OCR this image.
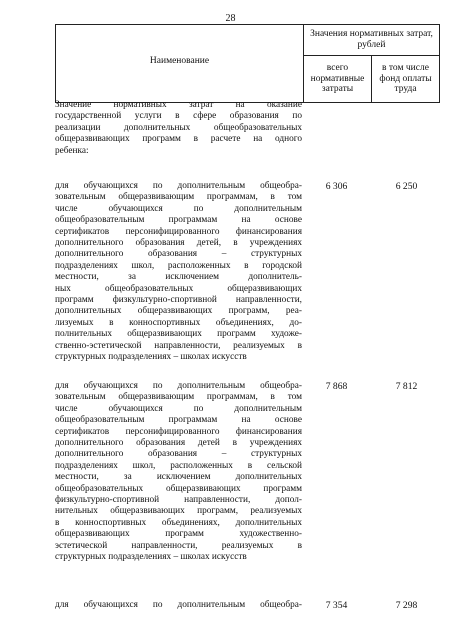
28
Наименование	Значения нормативных затрат, рублей	
	всего нормативные затраты	в том числе фонд оплаты труда
Значение нормативных затрат на оказание
государственной услуги в сфере образования по
реализации дополнительных общеобразовательных
общеразвивающих программ в расчете на одного
ребенка:
для обучающихся по дополнительным общеобра-
зовательным общеразвивающим программам, в том
числе обучающихся по дополнительным
общеобразовательным программам на основе
сертификатов персонифицированного финансирования
дополнительного образования детей, в учреждениях
дополнительного образования – структурных
подразделениях школ, расположенных в городской
местности, за исключением дополнитель-
ных общеобразовательных общеразвивающих
программ физкультурно-спортивной направленности,
дополнительных общеразвивающих программ, реа-
лизуемых в конноспортивных объединениях, до-
полнительных общеразвивающих программ художе-
ственно-эстетической направленности, реализуемых в
структурных подразделениях – школах искусств
6 306	6 250
для обучающихся по дополнительным общеобра-
зовательным общеразвивающим программам, в том
числе обучающихся по дополнительным
общеобразовательным программам на основе
сертификатов персонифицированного финансирования
дополнительного образования детей в учреждениях
дополнительного образования – структурных
подразделениях школ, расположенных в сельской
местности, за исключением дополнительных
общеобразовательных общеразвивающих программ
физкультурно-спортивной направленности, допол-
нительных общеразвивающих программ, реализуемых
в конноспортивных объединениях, дополнительных
общеразвивающих программ художественно-
эстетической направленности, реализуемых в
структурных подразделениях – школах искусств
7 868	7 812
для обучающихся по дополнительным общеобра-	7 354	7 298
